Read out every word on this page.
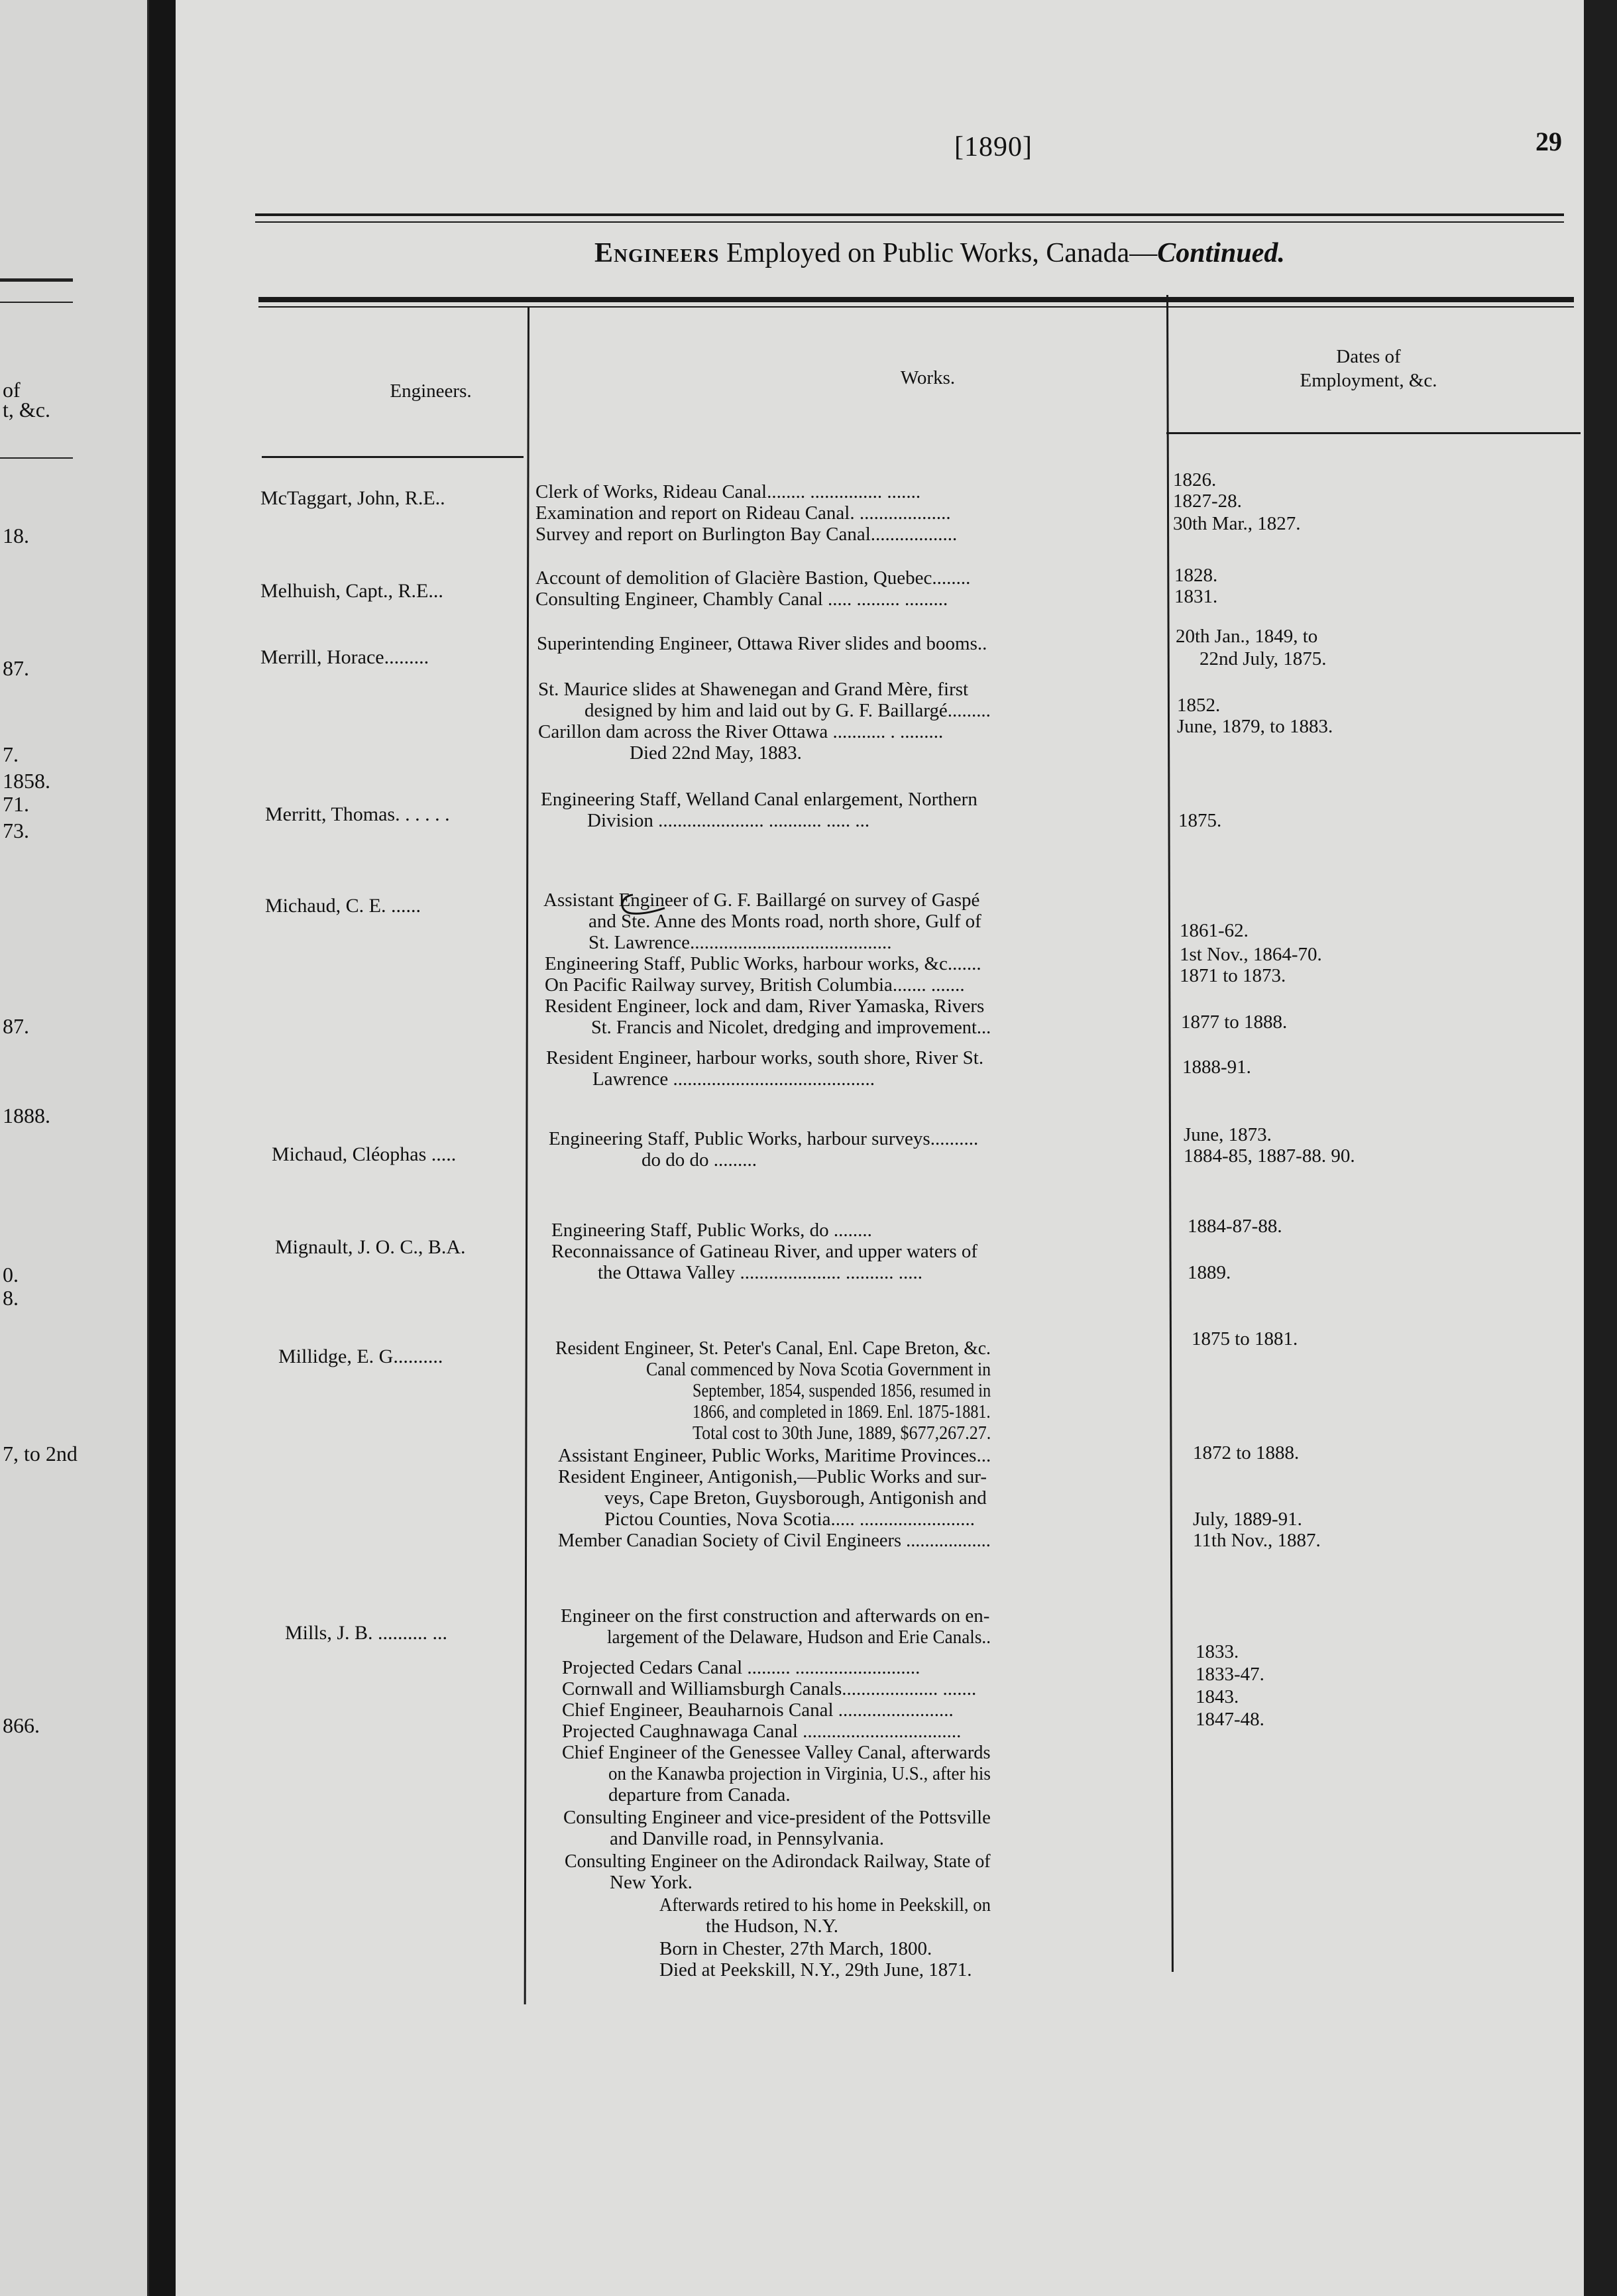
of
t, &c.
18.
87.
7.
1858.
71.
73.
87.
1888.
0.
8.
7, to 2nd
866.
[1890]	29
Engineers Employed on Public Works, Canada—Continued.
Engineers.
Works.
Dates of
Employment, &c.
McTaggart, John, R.E..
Melhuish, Capt., R.E...
Merrill, Horace.........
Merritt, Thomas. . . . . .
Michaud, C. E. ......
Michaud, Cléophas .....
Mignault, J. O. C., B.A.
Millidge, E. G..........
Mills, J. B. .......... ...
Clerk of Works, Rideau Canal........ ............... .......
Examination and report on Rideau Canal. ...................
Survey and report on Burlington Bay Canal..................
Account of demolition of Glacière Bastion, Quebec........
Consulting Engineer, Chambly Canal ..... ......... .........
Superintending Engineer, Ottawa River slides and booms..
St. Maurice slides at Shawenegan and Grand Mère, first
designed by him and laid out by G. F. Baillargé.........
Carillon dam across the River Ottawa ........... . .........
Died 22nd May, 1883.
Engineering Staff, Welland Canal enlargement, Northern
Division ...................... ........... ..... ...
Assistant Engineer of G. F. Baillargé on survey of Gaspé
and Ste. Anne des Monts road, north shore, Gulf of
St. Lawrence..........................................
Engineering Staff, Public Works, harbour works, &c.......
On Pacific Railway survey, British Columbia....... .......
Resident Engineer, lock and dam, River Yamaska, Rivers
St. Francis and Nicolet, dredging and improvement...
Resident Engineer, harbour works, south shore, River St.
Lawrence ..........................................
Engineering Staff, Public Works, harbour surveys..........
do do do .........
Engineering Staff, Public Works, do ........
Reconnaissance of Gatineau River, and upper waters of
the Ottawa Valley ..................... .......... .....
Resident Engineer, St. Peter's Canal, Enl. Cape Breton, &c.
Canal commenced by Nova Scotia Government in
September, 1854, suspended 1856, resumed in
1866, and completed in 1869. Enl. 1875-1881.
Total cost to 30th June, 1889, $677,267.27.
Assistant Engineer, Public Works, Maritime Provinces...
Resident Engineer, Antigonish,—Public Works and sur-
veys, Cape Breton, Guysborough, Antigonish and
Pictou Counties, Nova Scotia..... ........................
Member Canadian Society of Civil Engineers ..................
Engineer on the first construction and afterwards on en-
largement of the Delaware, Hudson and Erie Canals..
Projected Cedars Canal ......... ..........................
Cornwall and Williamsburgh Canals.................... .......
Chief Engineer, Beauharnois Canal ........................
Projected Caughnawaga Canal .................................
Chief Engineer of the Genessee Valley Canal, afterwards
on the Kanawba projection in Virginia, U.S., after his
departure from Canada.
Consulting Engineer and vice-president of the Pottsville
and Danville road, in Pennsylvania.
Consulting Engineer on the Adirondack Railway, State of
New York.
Afterwards retired to his home in Peekskill, on
the Hudson, N.Y.
Born in Chester, 27th March, 1800.
Died at Peekskill, N.Y., 29th June, 1871.
1826.
1827-28.
30th Mar., 1827.
1828.
1831.
20th Jan., 1849, to
22nd July, 1875.
1852.
June, 1879, to 1883.
1875.
1861-62.
1st Nov., 1864-70.
1871 to 1873.
1877 to 1888.
1888-91.
June, 1873.
1884-85, 1887-88. 90.
1884-87-88.
1889.
1875 to 1881.
1872 to 1888.
July, 1889-91.
11th Nov., 1887.
1833.
1833-47.
1843.
1847-48.
